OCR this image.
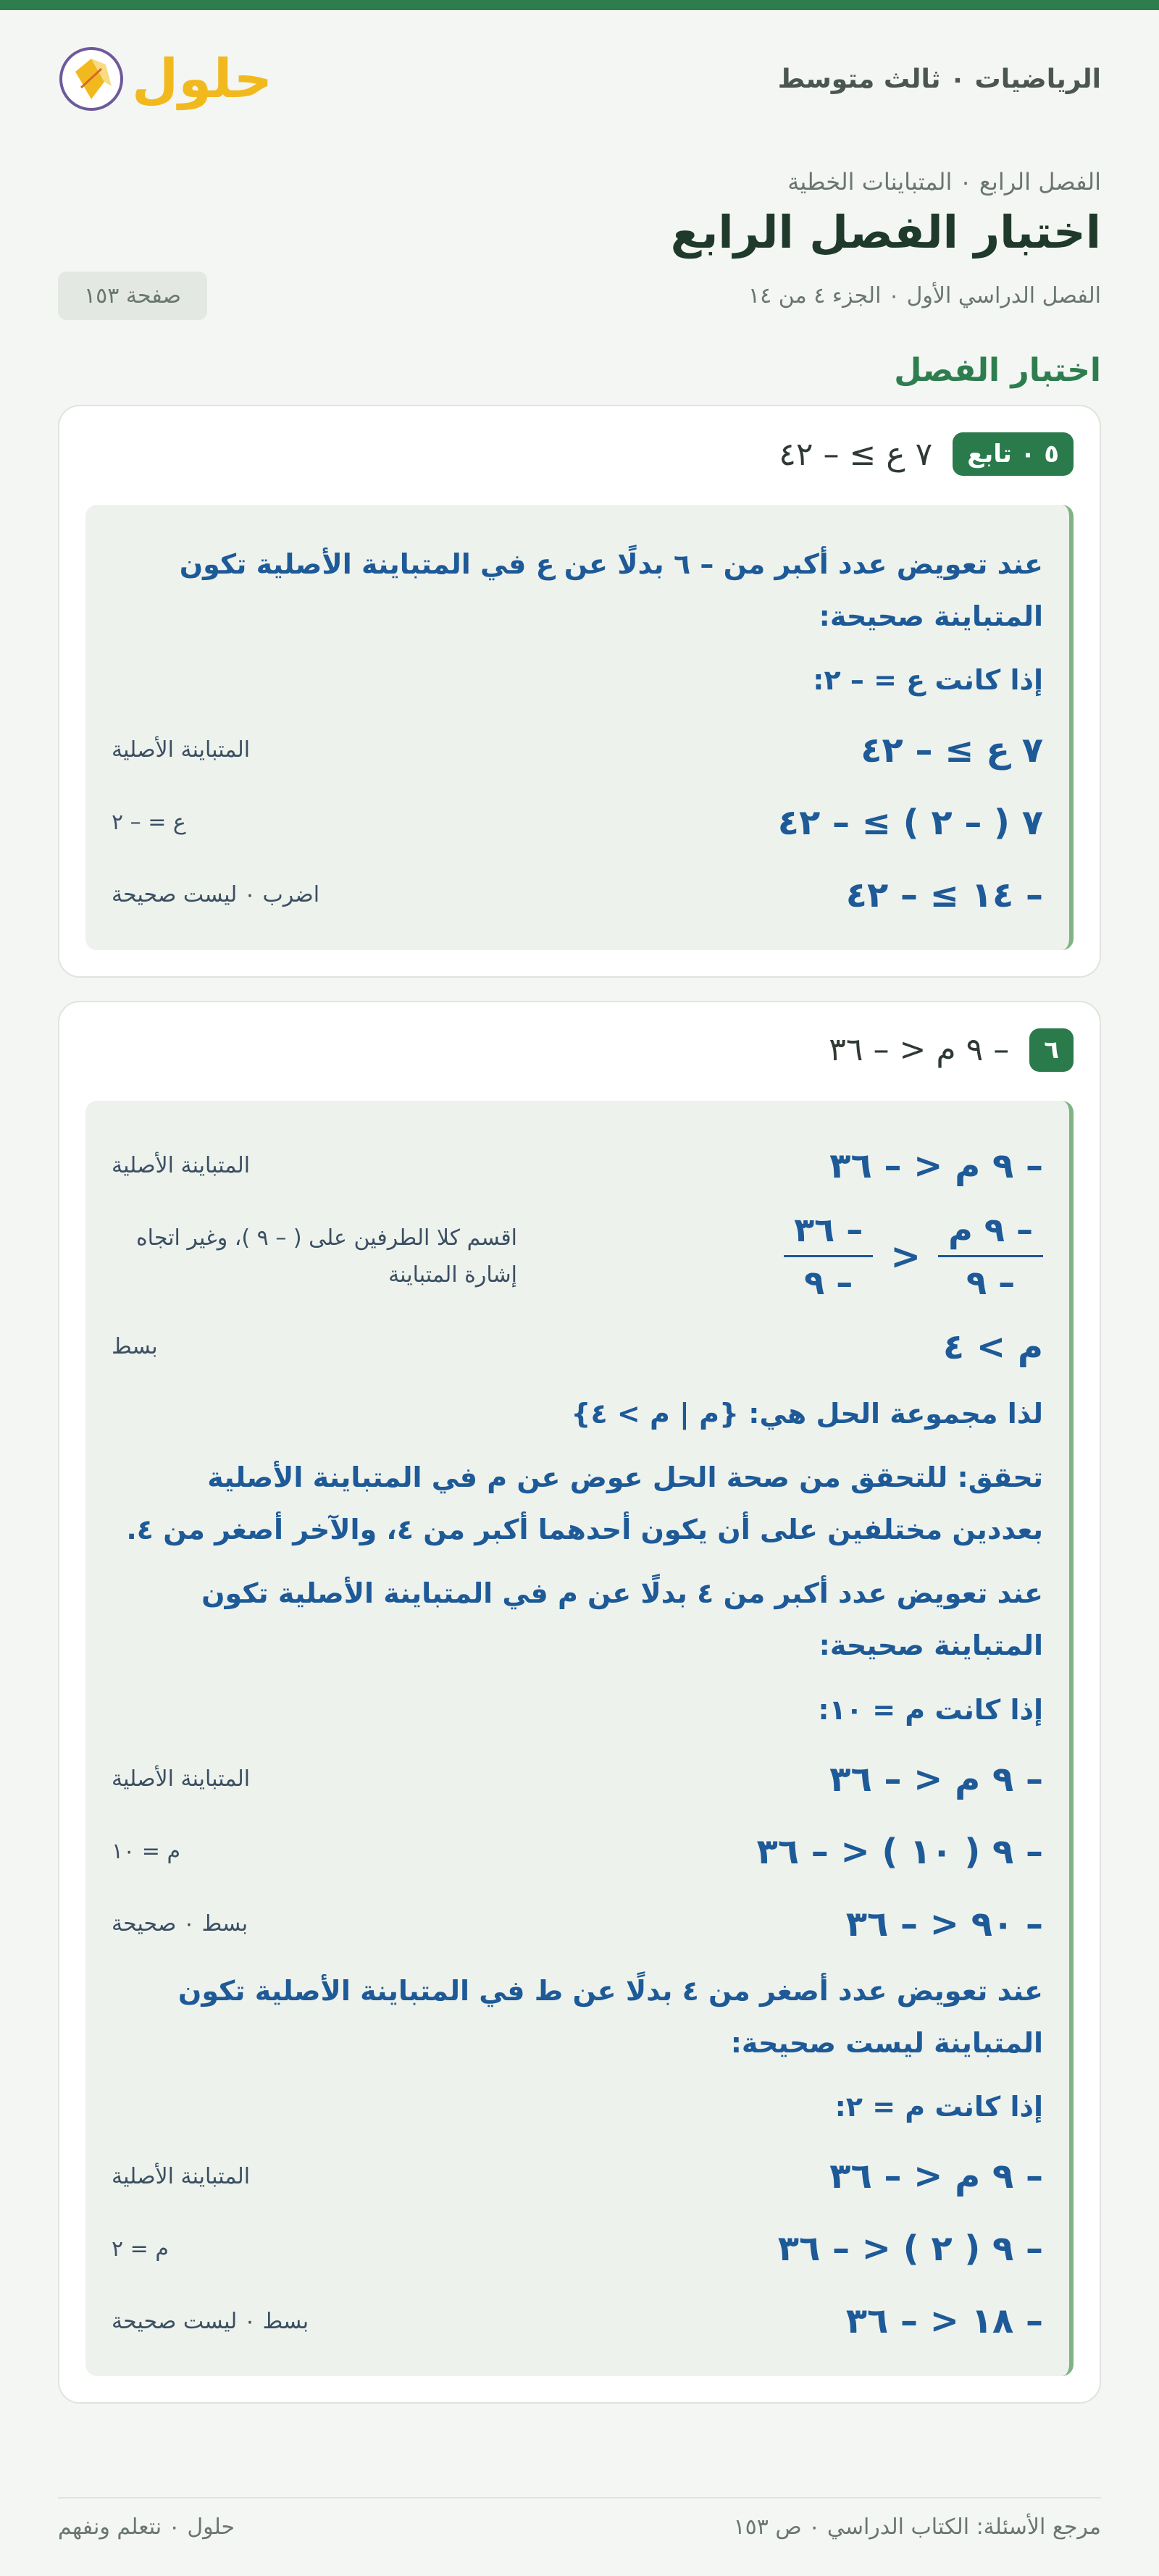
الرياضيات ٠ ثالث متوسط
حلول
الفصل الرابع ٠ المتباينات الخطية
اختبار الفصل الرابع
الفصل الدراسي الأول ٠ الجزء ٤ من ١٤
صفحة ١٥٣
اختبار الفصل
٥ ٠ تابع
٧ ع ≥ – ٤٢
عند تعويض عدد أكبر من – ٦ بدلًا عن ع في المتباينة الأصلية تكون المتباينة صحيحة:
إذا كانت ع = – ٢:
٧ ع ≥ – ٤٢
المتباينة الأصلية
٧ ( – ٢ ) ≥ – ٤٢
ع = – ٢
– ١٤ ≥ – ٤٢
اضرب ٠ ليست صحيحة
٦
– ٩ م < – ٣٦
– ٩ م < – ٣٦
المتباينة الأصلية
$\frac{\text{– ٩ م}}{- ٩}$
<
$\frac{- ٣٦}{- ٩}$
اقسم كلا الطرفين على ( – ٩ )، وغير اتجاه إشارة المتباينة
م > ٤
بسط
لذا مجموعة الحل هي: {م | م > ٤}
تحقق: للتحقق من صحة الحل عوض عن م في المتباينة الأصلية بعددين مختلفين على أن يكون أحدهما أكبر من ٤، والآخر أصغر من ٤.
عند تعويض عدد أكبر من ٤ بدلًا عن م في المتباينة الأصلية تكون المتباينة صحيحة:
إذا كانت م = ١٠:
– ٩ م < – ٣٦
المتباينة الأصلية
– ٩ ( ١٠ ) < – ٣٦
م = ١٠
– ٩٠ < – ٣٦
بسط ٠ صحيحة
عند تعويض عدد أصغر من ٤ بدلًا عن ط في المتباينة الأصلية تكون المتباينة ليست صحيحة:
إذا كانت م = ٢:
– ٩ م < – ٣٦
المتباينة الأصلية
– ٩ ( ٢ ) < – ٣٦
م = ٢
– ١٨ < – ٣٦
بسط ٠ ليست صحيحة
مرجع الأسئلة: الكتاب الدراسي ٠ ص ١٥٣
حلول ٠ نتعلم ونفهم
